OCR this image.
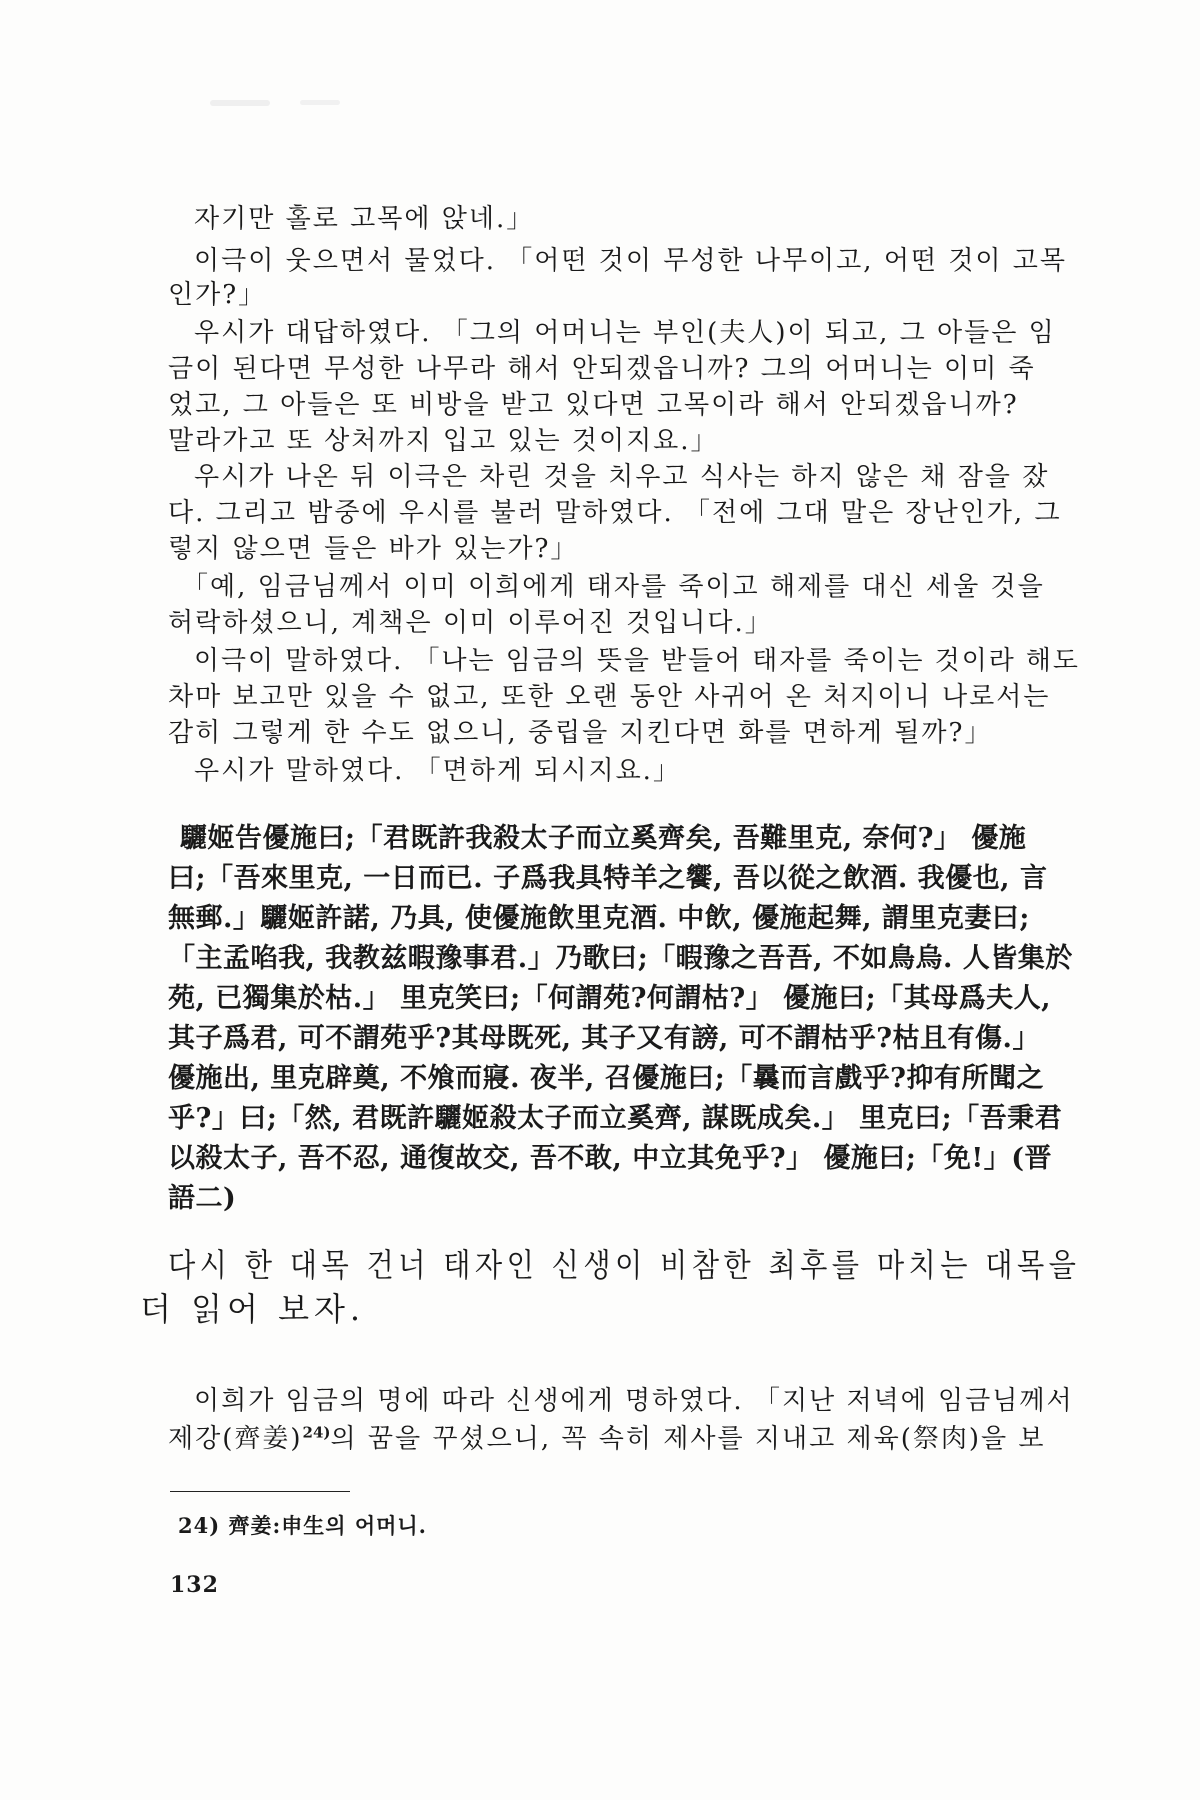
자기만 홀로 고목에 앉네.」

이극이 웃으면서 물었다. 「어떤 것이 무성한 나무이고, 어떤 것이 고목

인가?」

우시가 대답하였다. 「그의 어머니는 부인(夫人)이 되고, 그 아들은 임

금이 된다면 무성한 나무라 해서 안되겠읍니까? 그의 어머니는 이미 죽

었고, 그 아들은 또 비방을 받고 있다면 고목이라 해서 안되겠읍니까?

말라가고 또 상처까지 입고 있는 것이지요.」

우시가 나온 뒤 이극은 차린 것을 치우고 식사는 하지 않은 채 잠을 잤

다. 그리고 밤중에 우시를 불러 말하였다. 「전에 그대 말은 장난인가, 그

렇지 않으면 들은 바가 있는가?」

「예, 임금님께서 이미 이희에게 태자를 죽이고 해제를 대신 세울 것을

허락하셨으니, 계책은 이미 이루어진 것입니다.」

이극이 말하였다. 「나는 임금의 뜻을 받들어 태자를 죽이는 것이라 해도

차마 보고만 있을 수 없고, 또한 오랜 동안 사귀어 온 처지이니 나로서는

감히 그렇게 한 수도 없으니, 중립을 지킨다면 화를 면하게 될까?」

우시가 말하였다. 「면하게 되시지요.」

驪姬告優施曰;「君既許我殺太子而立奚齊矣, 吾難里克, 奈何?」 優施

曰;「吾來里克, 一日而已. 子爲我具特羊之饗, 吾以從之飲酒. 我優也, 言

無郵.」驪姬許諾, 乃具, 使優施飲里克酒. 中飲, 優施起舞, 謂里克妻曰;

「主孟啗我, 我教兹暇豫事君.」乃歌曰;「暇豫之吾吾, 不如鳥烏. 人皆集於

苑, 已獨集於枯.」 里克笑曰;「何謂苑?何謂枯?」 優施曰;「其母爲夫人,

其子爲君, 可不謂苑乎?其母既死, 其子又有謗, 可不謂枯乎?枯且有傷.」

優施出, 里克辟奠, 不飧而寢. 夜半, 召優施曰;「曩而言戲乎?抑有所聞之

乎?」曰;「然, 君既許驪姬殺太子而立奚齊, 謀既成矣.」 里克曰;「吾秉君

以殺太子, 吾不忍, 通復故交, 吾不敢, 中立其免乎?」 優施曰;「免!」(晋

語二)

다시 한 대목 건너 태자인 신생이 비참한 최후를 마치는 대목을

더 읽어 보자.

이희가 임금의 명에 따라 신생에게 명하였다. 「지난 저녁에 임금님께서

제강(齊姜)$^{24)}$의 꿈을 꾸셨으니, 꼭 속히 제사를 지내고 제육(祭肉)을 보

24) 齊姜:申生의 어머니.

132
